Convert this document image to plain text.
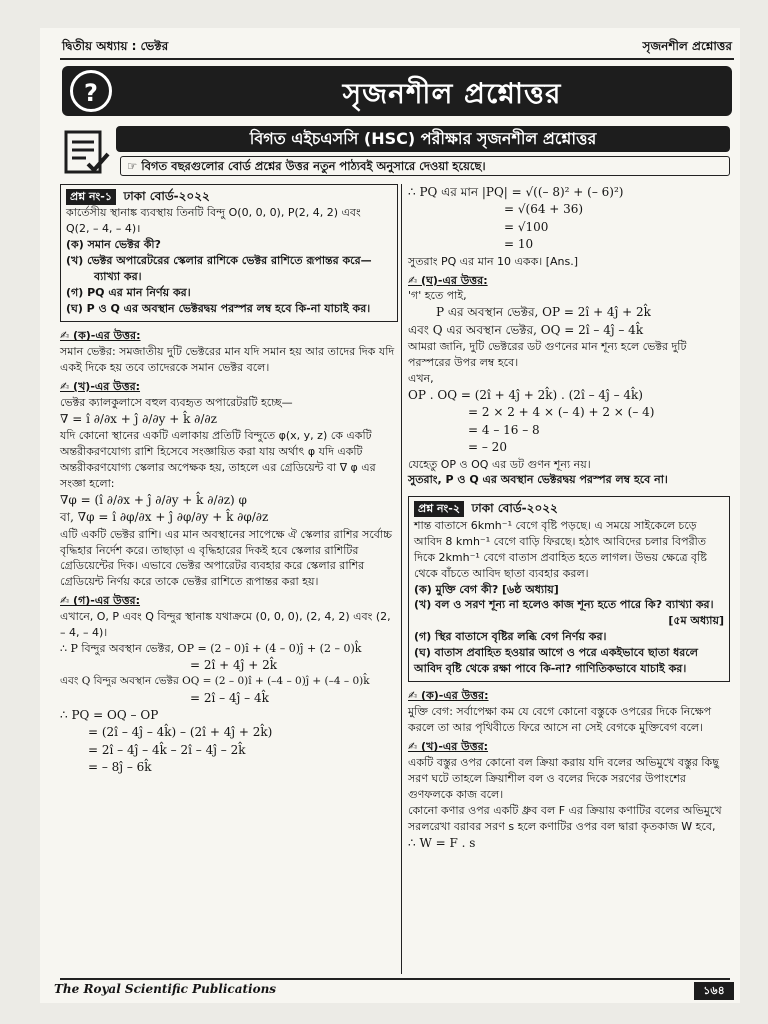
দ্বিতীয় অধ্যায় : ভেক্টর	সৃজনশীল প্রশ্নোত্তর
?	সৃজনশীল প্রশ্নোত্তর
বিগত এইচএসসি (HSC) পরীক্ষার সৃজনশীল প্রশ্নোত্তর
☞ বিগত বছরগুলোর বোর্ড প্রশ্নের উত্তর নতুন পাঠ্যবই অনুসারে দেওয়া হয়েছে।
প্রশ্ন নং-১ ঢাকা বোর্ড-২০২২
কার্তেসীয় স্থানাঙ্ক ব্যবস্থায় তিনটি বিন্দু O(0, 0, 0), P(2, 4, 2) এবং
Q(2, – 4, – 4)।
(ক) সমান ভেক্টর কী?
(খ) ভেক্টর অপারেটরের স্কেলার রাশিকে ভেক্টর রাশিতে রূপান্তর করে—
ব্যাখ্যা কর।
(গ) PQ এর মান নির্ণয় কর।
(ঘ) P ও Q এর অবস্থান ভেক্টরদ্বয় পরস্পর লম্ব হবে কি-না যাচাই কর।
✍ (ক)-এর উত্তর:
সমান ভেক্টর: সমজাতীয় দুটি ভেক্টরের মান যদি সমান হয় আর তাদের দিক যদি একই দিকে হয় তবে তাদেরকে সমান ভেক্টর বলে।
✍ (খ)-এর উত্তর:
ভেক্টর ক্যালকুলাসে বহুল ব্যবহৃত অপারেটরটি হচ্ছে—
∇ = î ∂/∂x + ĵ ∂/∂y + k̂ ∂/∂z
যদি কোনো স্থানের একটি এলাকায় প্রতিটি বিন্দুতে φ(x, y, z) কে একটি অন্তরীকরণযোগ্য রাশি হিসেবে সংজ্ঞায়িত করা যায় অর্থাৎ φ যদি একটি অন্তরীকরণযোগ্য স্কেলার অপেক্ষক হয়, তাহলে এর গ্রেডিয়েন্ট বা ∇ φ এর সংজ্ঞা হলো:
∇φ = (î ∂/∂x + ĵ ∂/∂y + k̂ ∂/∂z) φ
বা, ∇φ = î ∂φ/∂x + ĵ ∂φ/∂y + k̂ ∂φ/∂z
এটি একটি ভেক্টর রাশি। এর মান অবস্থানের সাপেক্ষে ঐ স্কেলার রাশির সর্বোচ্চ বৃদ্ধিহার নির্দেশ করে। তাছাড়া এ বৃদ্ধিহারের দিকই হবে স্কেলার রাশিটির গ্রেডিয়েন্টের দিক। এভাবে ভেক্টর অপারেটর ব্যবহার করে স্কেলার রাশির গ্রেডিয়েন্ট নির্ণয় করে তাকে ভেক্টর রাশিতে রূপান্তর করা হয়।
✍ (গ)-এর উত্তর:
এখানে, O, P এবং Q বিন্দুর স্থানাঙ্ক যথাক্রমে (0, 0, 0), (2, 4, 2) এবং (2, – 4, – 4)।
∴ P বিন্দুর অবস্থান ভেক্টর, OP = (2 – 0)î + (4 – 0)ĵ + (2 – 0)k̂
= 2î + 4ĵ + 2k̂
এবং Q বিন্দুর অবস্থান ভেক্টর OQ = (2 – 0)î + (–4 – 0)ĵ + (–4 – 0)k̂
= 2î – 4ĵ – 4k̂
∴ PQ = OQ – OP
= (2î – 4ĵ – 4k̂) – (2î + 4ĵ + 2k̂)
= 2î – 4ĵ – 4k̂ – 2î – 4ĵ – 2k̂
= – 8ĵ – 6k̂
∴ PQ এর মান |PQ| = √((– 8)² + (– 6)²)
= √(64 + 36)
= √100
= 10
সুতরাং PQ এর মান 10 একক। [Ans.]
✍ (ঘ)-এর উত্তর:
'গ' হতে পাই,
P এর অবস্থান ভেক্টর, OP = 2î + 4ĵ + 2k̂
এবং Q এর অবস্থান ভেক্টর, OQ = 2î – 4ĵ – 4k̂
আমরা জানি, দুটি ভেক্টরের ডট গুণনের মান শূন্য হলে ভেক্টর দুটি পরস্পরের উপর লম্ব হবে।
এখন,
OP . OQ = (2î + 4ĵ + 2k̂) . (2î – 4ĵ – 4k̂)
= 2 × 2 + 4 × (– 4) + 2 × (– 4)
= 4 – 16 – 8
= – 20
যেহেতু OP ও OQ এর ডট গুণন শূন্য নয়।
সুতরাং, P ও Q এর অবস্থান ভেক্টরদ্বয় পরস্পর লম্ব হবে না।
প্রশ্ন নং-২ ঢাকা বোর্ড-২০২২
শান্ত বাতাসে 6kmh⁻¹ বেগে বৃষ্টি পড়ছে। এ সময়ে সাইকেলে চড়ে আবিদ 8 kmh⁻¹ বেগে বাড়ি ফিরছে। হঠাৎ আবিদের চলার বিপরীত দিকে 2kmh⁻¹ বেগে বাতাস প্রবাহিত হতে লাগল। উভয় ক্ষেত্রে বৃষ্টি থেকে বাঁচতে আবিদ ছাতা ব্যবহার করল।
(ক) মুক্তি বেগ কী? [৬ষ্ঠ অধ্যায়]
(খ) বল ও সরণ শূন্য না হলেও কাজ শূন্য হতে পারে কি? ব্যাখ্যা কর।
[৫ম অধ্যায়]
(গ) স্থির বাতাসে বৃষ্টির লব্ধি বেগ নির্ণয় কর।
(ঘ) বাতাস প্রবাহিত হওয়ার আগে ও পরে একইভাবে ছাতা ধরলে আবিদ বৃষ্টি থেকে রক্ষা পাবে কি-না? গাণিতিকভাবে যাচাই কর।
✍ (ক)-এর উত্তর:
মুক্তি বেগ: সর্বাপেক্ষা কম যে বেগে কোনো বস্তুকে ওপরের দিকে নিক্ষেপ করলে তা আর পৃথিবীতে ফিরে আসে না সেই বেগকে মুক্তিবেগ বলে।
✍ (খ)-এর উত্তর:
একটি বস্তুর ওপর কোনো বল ক্রিয়া করায় যদি বলের অভিমুখে বস্তুর কিছু সরণ ঘটে তাহলে ক্রিয়াশীল বল ও বলের দিকে সরণের উপাংশের গুণফলকে কাজ বলে।
কোনো কণার ওপর একটি ধ্রুব বল F এর ক্রিয়ায় কণাটির বলের অভিমুখে সরলরেখা বরাবর সরণ s হলে কণাটির ওপর বল দ্বারা কৃতকাজ W হবে,
∴ W = F . s
The Royal Scientific Publications	১৬৪
